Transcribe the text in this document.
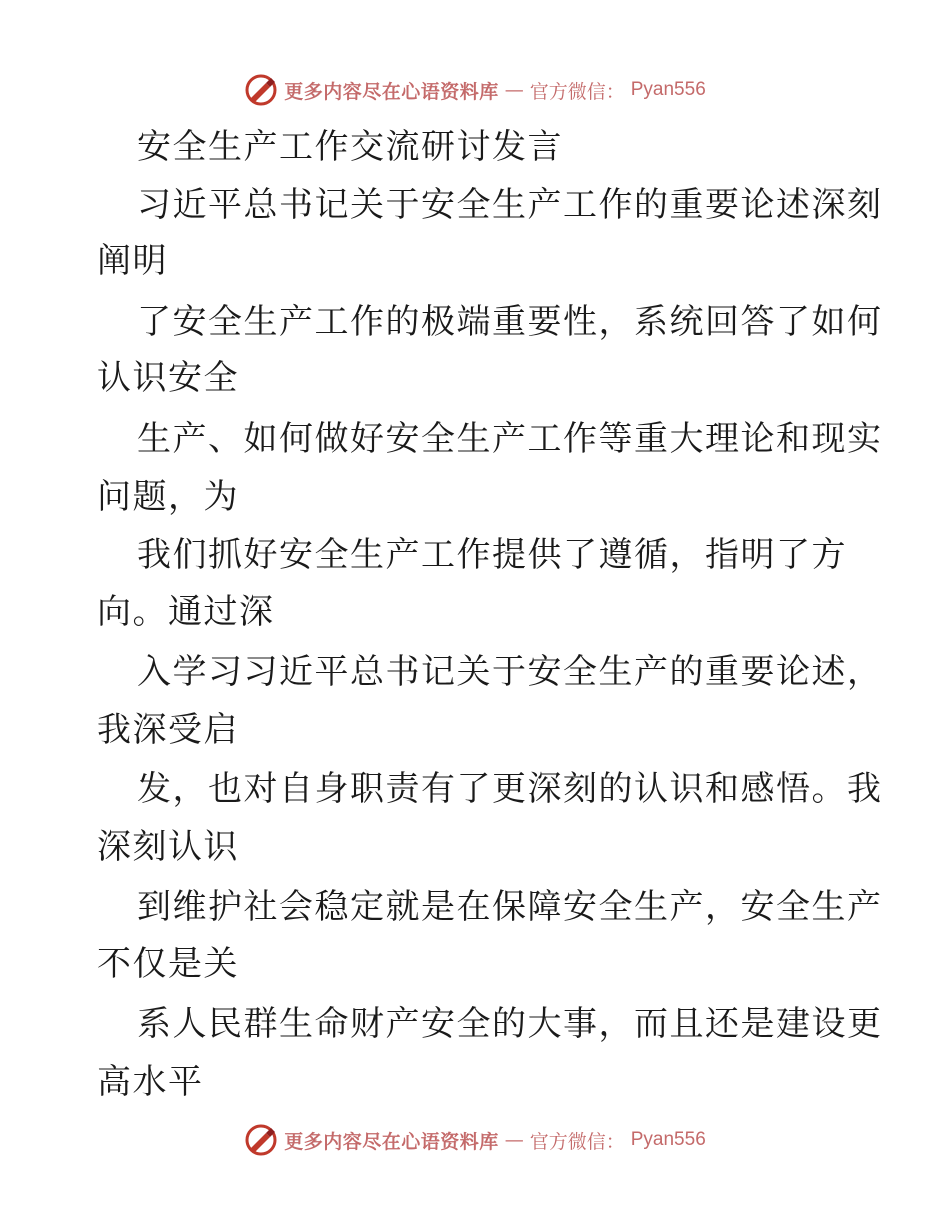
更多内容尽在心语资料库 — 官方微信： Pyan556
安全生产工作交流研讨发言
习近平总书记关于安全生产工作的重要论述深刻
阐明
了安全生产工作的极端重要性，系统回答了如何
认识安全
生产、如何做好安全生产工作等重大理论和现实
问题，为
我们抓好安全生产工作提供了遵循，指明了方
向。通过深
入学习习近平总书记关于安全生产的重要论述，
我深受启
发，也对自身职责有了更深刻的认识和感悟。我
深刻认识
到维护社会稳定就是在保障安全生产，安全生产
不仅是关
系人民群生命财产安全的大事，而且还是建设更
高水平
更多内容尽在心语资料库 — 官方微信： Pyan556
